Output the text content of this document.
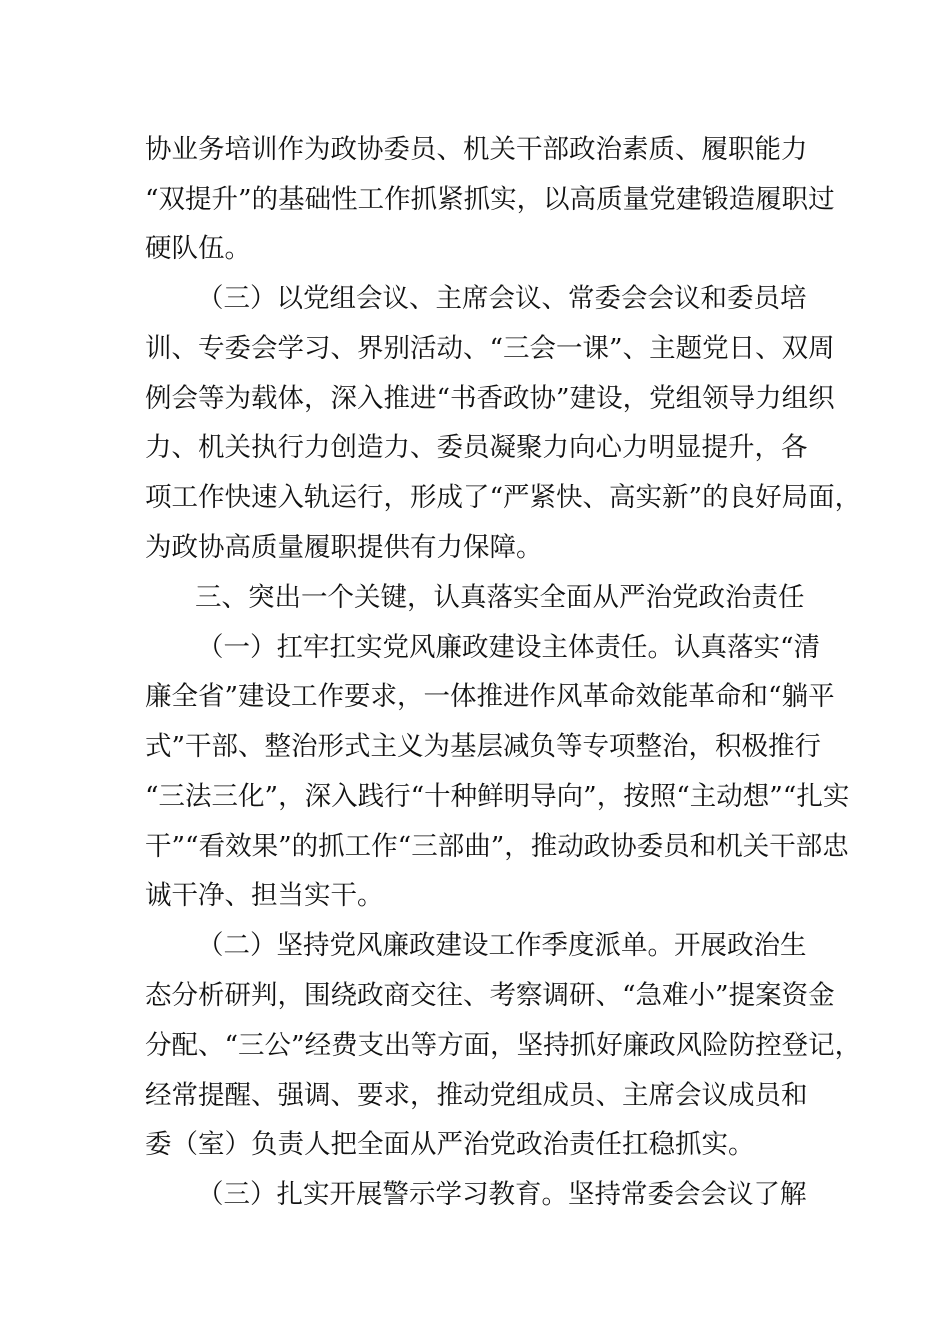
协业务培训作为政协委员、机关干部政治素质、履职能力
“双提升”的基础性工作抓紧抓实，以高质量党建锻造履职过
硬队伍。
（三）以党组会议、主席会议、常委会会议和委员培
训、专委会学习、界别活动、“三会一课”、主题党日、双周
例会等为载体，深入推进“书香政协”建设，党组领导力组织
力、机关执行力创造力、委员凝聚力向心力明显提升，各
项工作快速入轨运行，形成了“严紧快、高实新”的良好局面，
为政协高质量履职提供有力保障。
三、突出一个关键，认真落实全面从严治党政治责任
（一）扛牢扛实党风廉政建设主体责任。认真落实“清
廉全省”建设工作要求，一体推进作风革命效能革命和“躺平
式”干部、整治形式主义为基层减负等专项整治，积极推行
“三法三化”，深入践行“十种鲜明导向”，按照“主动想”“扎实
干”“看效果”的抓工作“三部曲”，推动政协委员和机关干部忠
诚干净、担当实干。
（二）坚持党风廉政建设工作季度派单。开展政治生
态分析研判，围绕政商交往、考察调研、“急难小”提案资金
分配、“三公”经费支出等方面，坚持抓好廉政风险防控登记，
经常提醒、强调、要求，推动党组成员、主席会议成员和
委（室）负责人把全面从严治党政治责任扛稳抓实。
（三）扎实开展警示学习教育。坚持常委会会议了解
